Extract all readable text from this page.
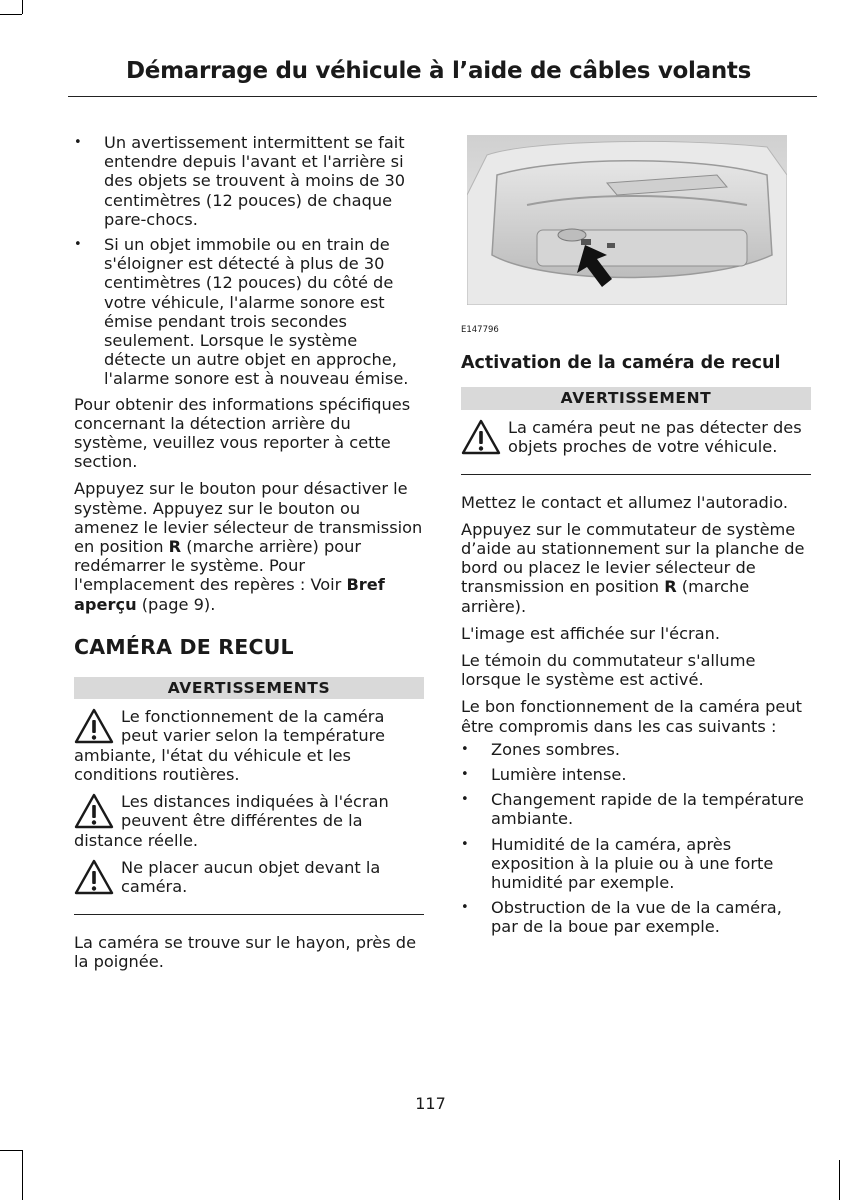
Démarrage du véhicule à l’aide de câbles volants
• Un avertissement intermittent se fait entendre depuis l'avant et l'arrière si des objets se trouvent à moins de 30 centimètres (12 pouces) de chaque pare-chocs.
• Si un objet immobile ou en train de s'éloigner est détecté à plus de 30 centimètres (12 pouces) du côté de votre véhicule, l'alarme sonore est émise pendant trois secondes seulement. Lorsque le système détecte un autre objet en approche, l'alarme sonore est à nouveau émise.

Pour obtenir des informations spécifiques concernant la détection arrière du système, veuillez vous reporter à cette section.

Appuyez sur le bouton pour désactiver le système. Appuyez sur le bouton ou amenez le levier sélecteur de transmission en position R (marche arrière) pour redémarrer le système. Pour l'emplacement des repères : Voir Bref aperçu (page 9).

CAMÉRA DE RECUL
AVERTISSEMENTS
Le fonctionnement de la caméra peut varier selon la température ambiante, l'état du véhicule et les conditions routières.
Les distances indiquées à l'écran peuvent être différentes de la distance réelle.
Ne placer aucun objet devant la caméra.

La caméra se trouve sur le hayon, près de la poignée.

E147796
Activation de la caméra de recul
AVERTISSEMENT
La caméra peut ne pas détecter des objets proches de votre véhicule.

Mettez le contact et allumez l'autoradio.

Appuyez sur le commutateur de système d’aide au stationnement sur la planche de bord ou placez le levier sélecteur de transmission en position R (marche arrière).

L'image est affichée sur l'écran.

Le témoin du commutateur s'allume lorsque le système est activé.

Le bon fonctionnement de la caméra peut être compromis dans les cas suivants :

• Zones sombres.
• Lumière intense.
• Changement rapide de la température ambiante.
• Humidité de la caméra, après exposition à la pluie ou à une forte humidité par exemple.
• Obstruction de la vue de la caméra, par de la boue par exemple.
117
